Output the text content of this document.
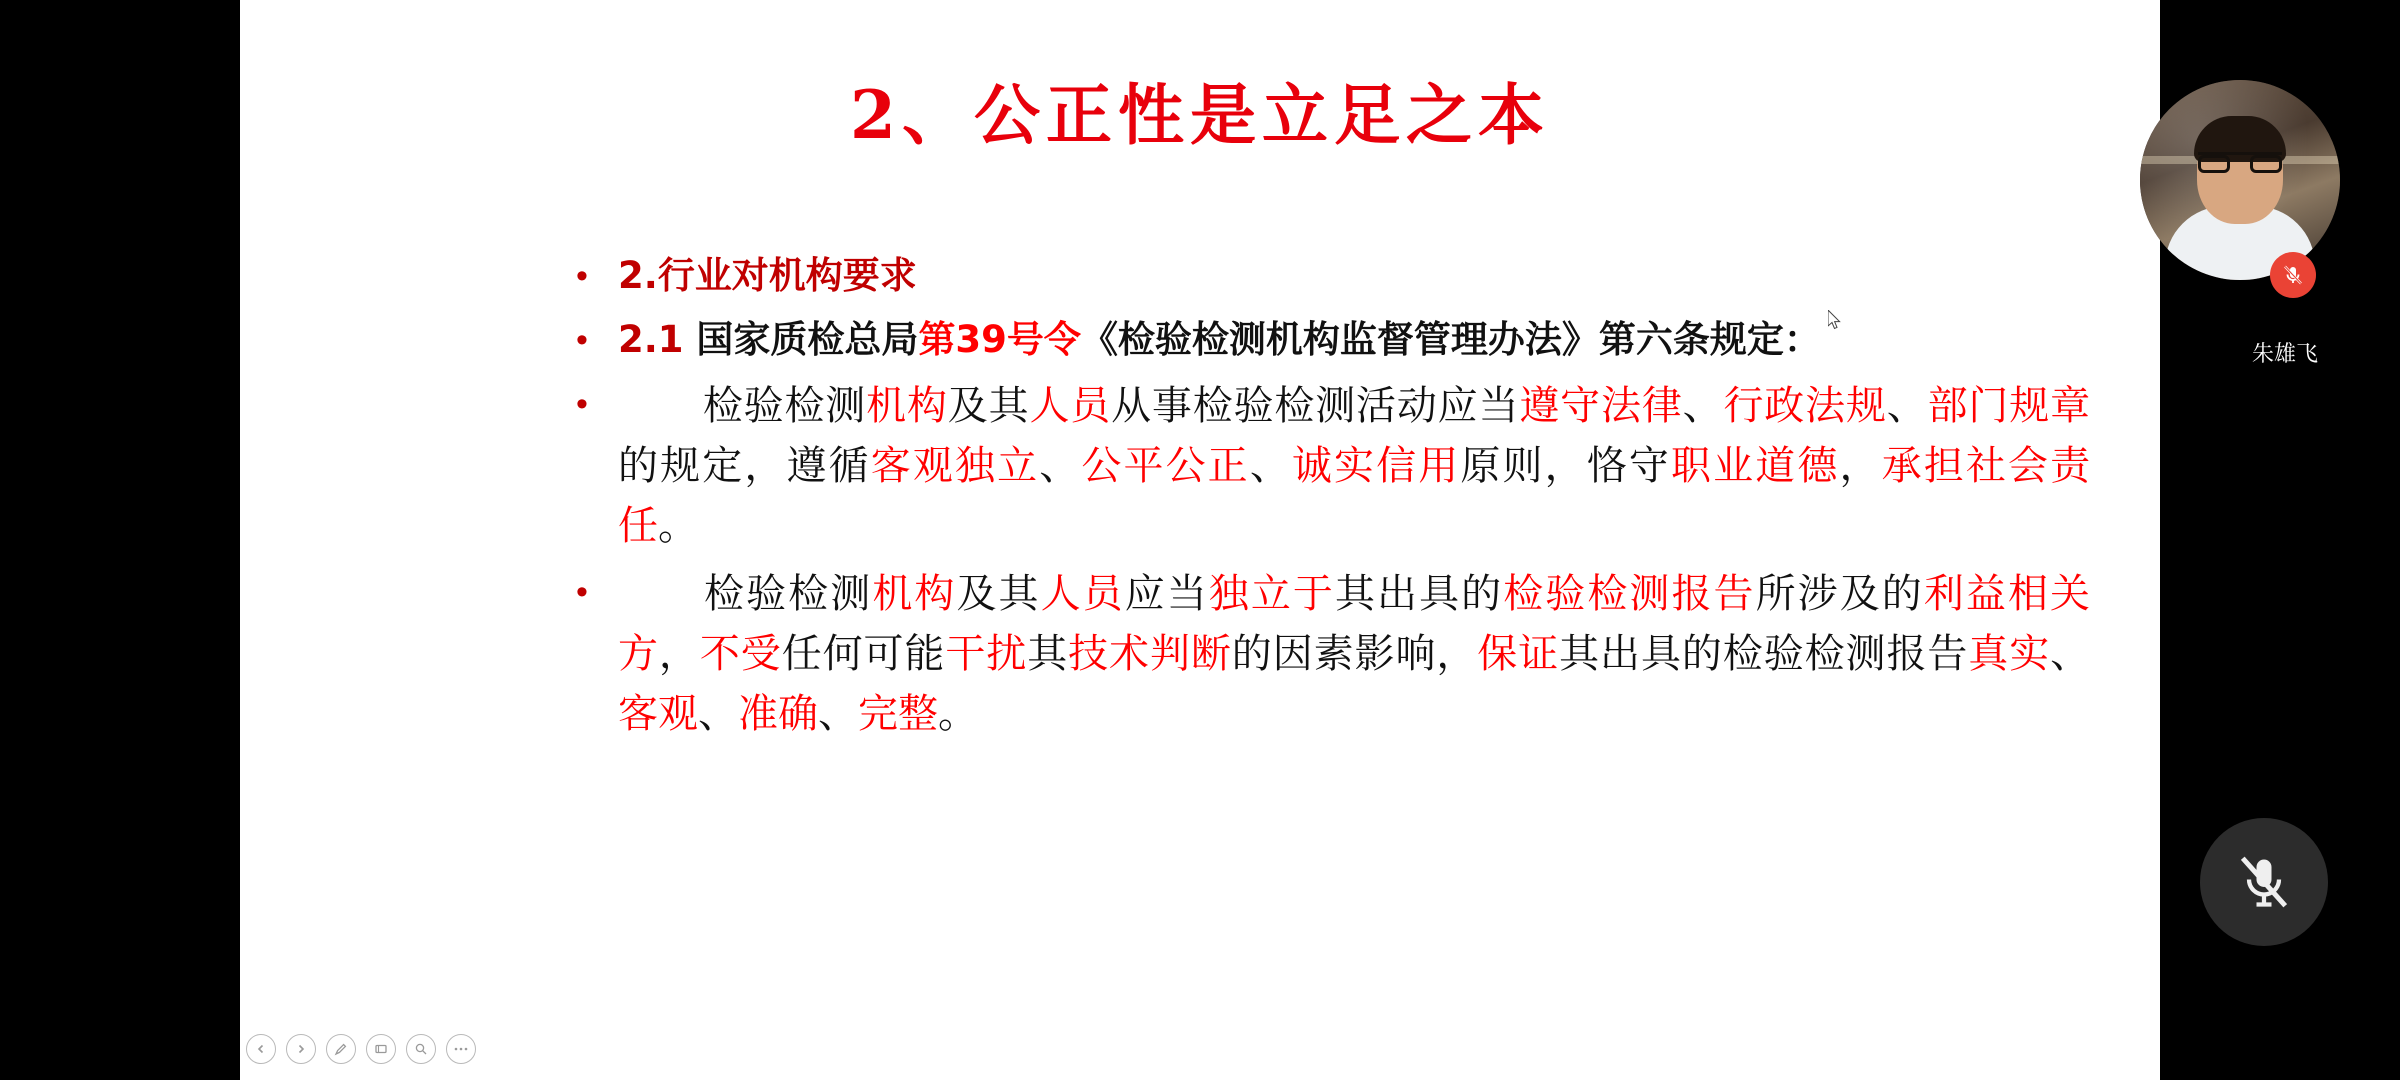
2、公正性是立足之本
• 2.行业对机构要求
• 2.1 国家质检总局第39号令《检验检测机构监督管理办法》第六条规定：
•	检验检测机构及其人员从事检验检测活动应当遵守法律、行政法规、部门规章的规定，遵循客观独立、公平公正、诚实信用原则，恪守职业道德，承担社会责任。
•	检验检测机构及其人员应当独立于其出具的检验检测报告所涉及的利益相关方，不受任何可能干扰其技术判断的因素影响，保证其出具的检验检测报告真实、客观、准确、完整。
朱雄飞
